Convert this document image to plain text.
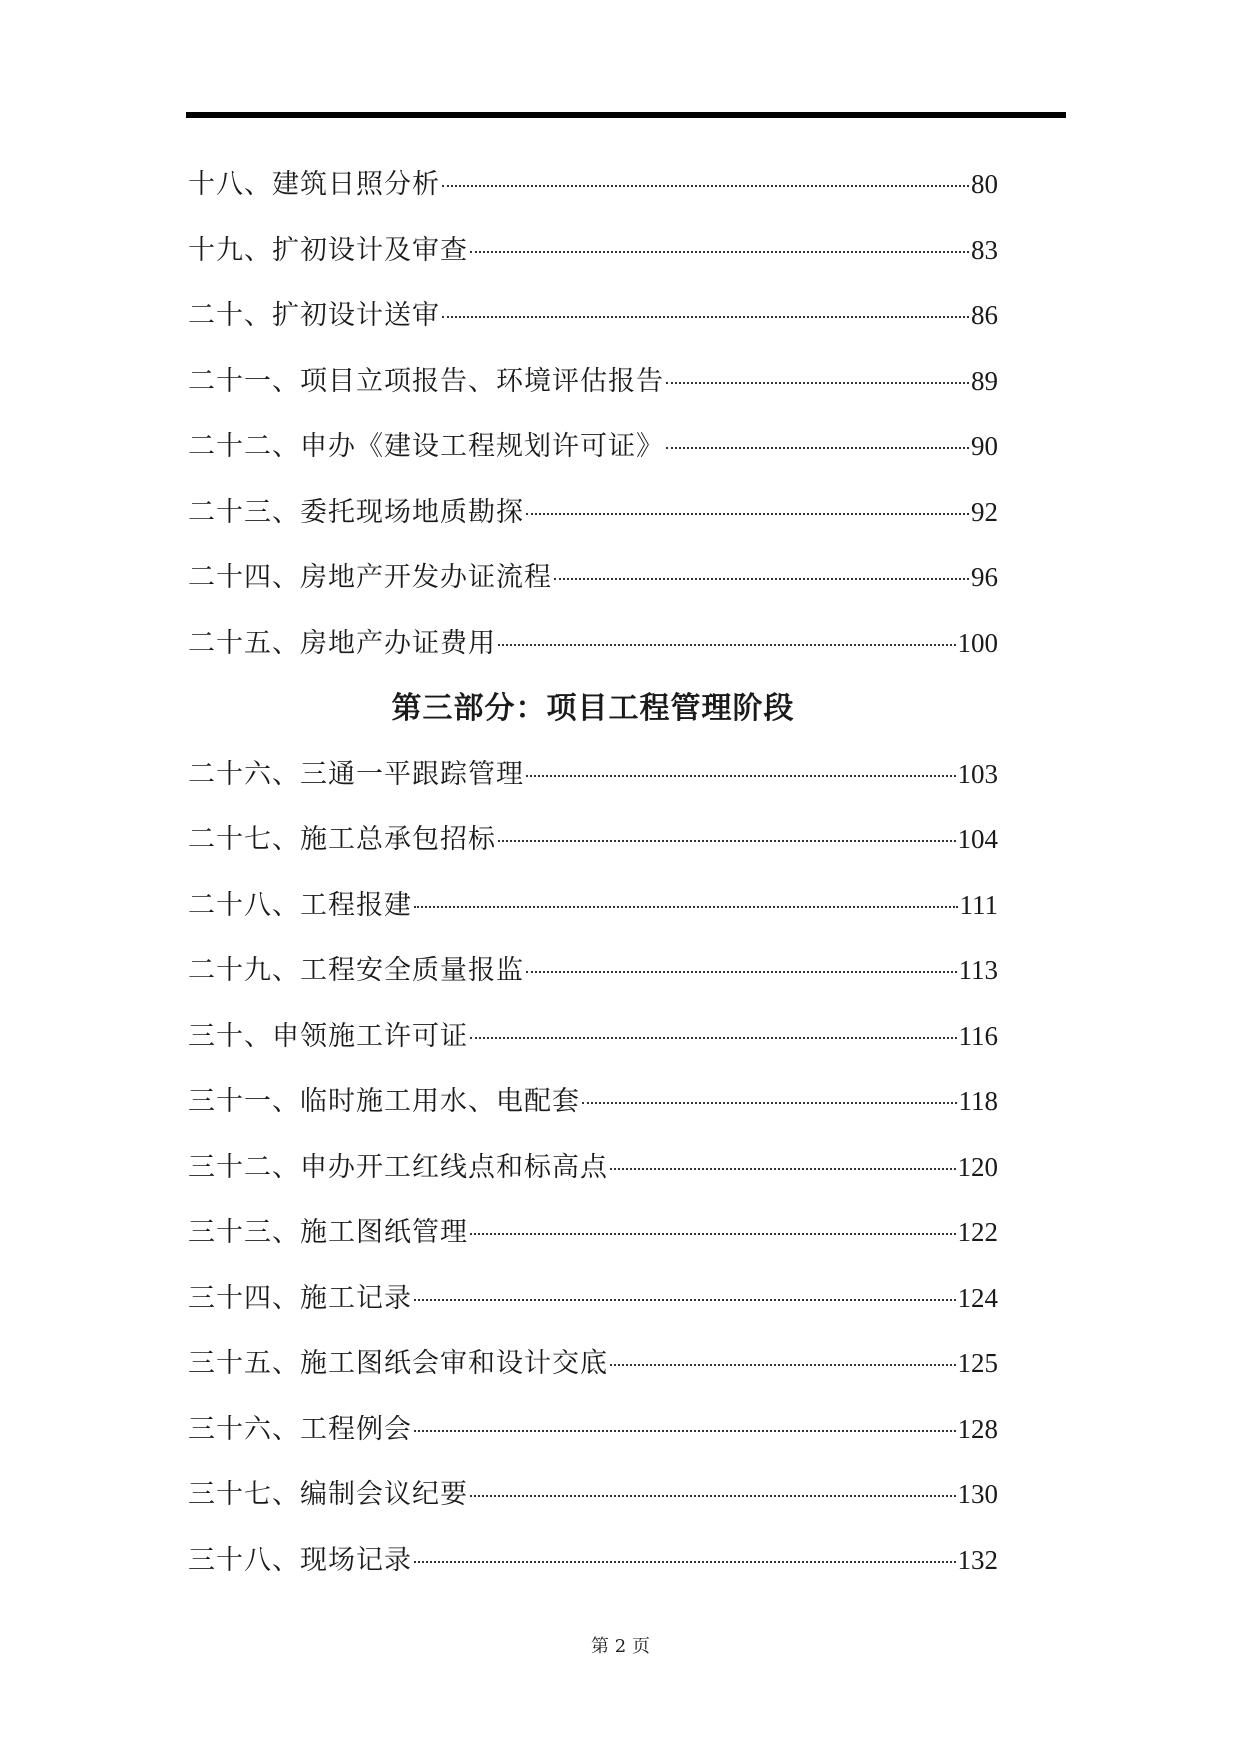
十八、建筑日照分析	80
十九、扩初设计及审查	83
二十、扩初设计送审	86
二十一、项目立项报告、环境评估报告	89
二十二、申办《建设工程规划许可证》	90
二十三、委托现场地质勘探	92
二十四、房地产开发办证流程	96
二十五、房地产办证费用	100
第三部分：项目工程管理阶段
二十六、三通一平跟踪管理	103
二十七、施工总承包招标	104
二十八、工程报建	111
二十九、工程安全质量报监	113
三十、申领施工许可证	116
三十一、临时施工用水、电配套	118
三十二、申办开工红线点和标高点	120
三十三、施工图纸管理	122
三十四、施工记录	124
三十五、施工图纸会审和设计交底	125
三十六、工程例会	128
三十七、编制会议纪要	130
三十八、现场记录	132
第 2 页
